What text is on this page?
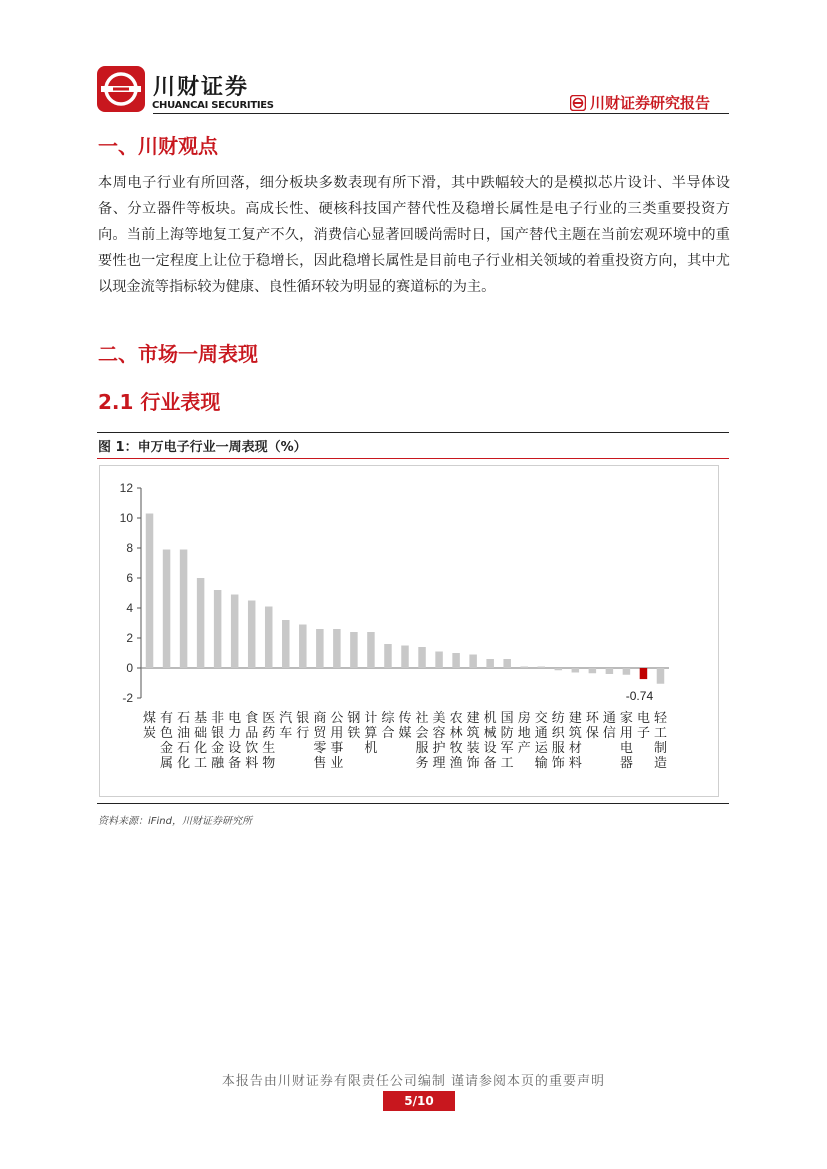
川财证券
CHUANCAI SECURITIES	川财证券研究报告
一、川财观点
本周电子行业有所回落，细分板块多数表现有所下滑，其中跌幅较大的是模拟芯片设计、半导体设备、分立器件等板块。高成长性、硬核科技国产替代性及稳增长属性是电子行业的三类重要投资方向。当前上海等地复工复产不久，消费信心显著回暖尚需时日，国产替代主题在当前宏观环境中的重要性也一定程度上让位于稳增长，因此稳增长属性是目前电子行业相关领域的着重投资方向，其中尤以现金流等指标较为健康、良性循环较为明显的赛道标的为主。
二、市场一周表现
2.1 行业表现
图 1：申万电子行业一周表现（%）
-2
0
2
4
6
8
10
12
煤
炭
有
色
金
属
石
油
石
化
基
础
化
工
非
银
金
融
电
力
设
备
食
品
饮
料
医
药
生
物
汽
车
银
行
商
贸
零
售
公
用
事
业
钢
铁
计
算
机
综
合
传
媒
社
会
服
务
美
容
护
理
农
林
牧
渔
建
筑
装
饰
机
械
设
备
国
防
军
工
房
地
产
交
通
运
输
纺
织
服
饰
建
筑
材
料
环
保
通
信
家
用
电
器
电
子
-0.74
轻
工
制
造
资料来源：iFind，川财证券研究所
本报告由川财证券有限责任公司编制 谨请参阅本页的重要声明
5/10
